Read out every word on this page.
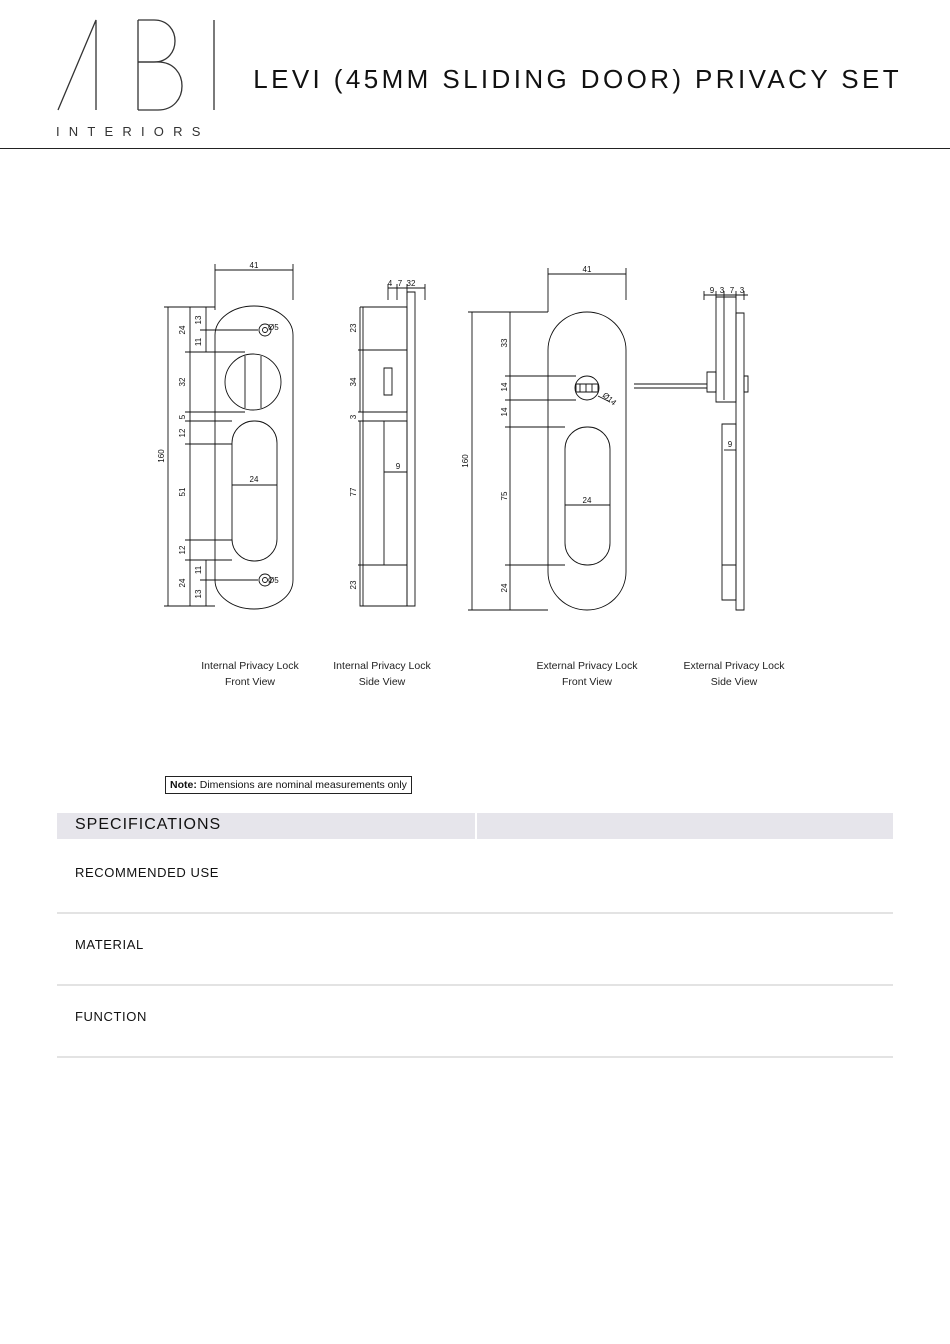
INTERIORS
LEVI (45MM SLIDING DOOR) PRIVACY SET
41
160
24
13
11
32
5
12
51
12
24
11
13
24
Ø5
Ø5
4 7 32
23
34
3
77
23
9
41
160
33
14
14
75
24
24
Ø14
9 3 7 3
9
Internal Privacy Lock
Front View
Internal Privacy Lock
Side View
External Privacy Lock
Front View
External Privacy Lock
Side View
Note: Dimensions are nominal measurements only
SPECIFICATIONS
RECOMMENDED USE
MATERIAL
FUNCTION
